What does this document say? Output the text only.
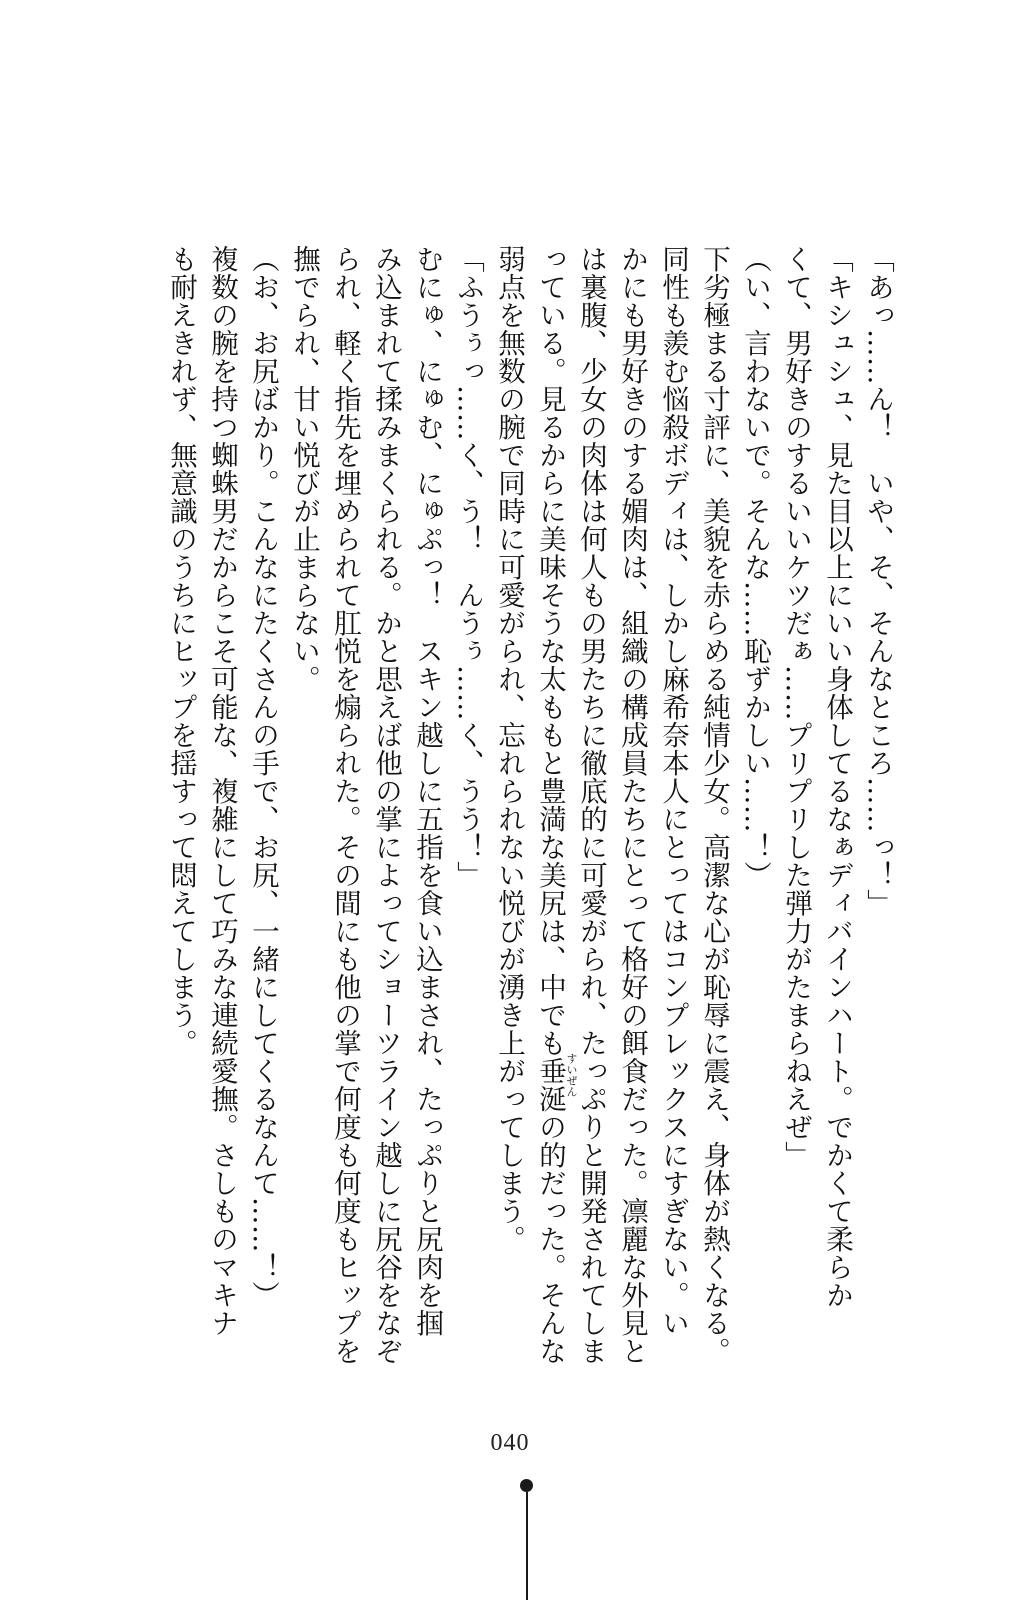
「あっ……ん！　いや、そ、そんなところ……っ！」

「キシュシュ、見た目以上にいい身体してるなぁディバインハート。でかくて柔らか

くて、男好きのするいいケツだぁ……プリプリした弾力がたまらねえぜ」

（い、言わないで。そんな……恥ずかしい……！）

下劣極まる寸評に、美貌を赤らめる純情少女。高潔な心が恥辱に震え、身体が熱くなる。

同性も羨む悩殺ボディは、しかし麻希奈本人にとってはコンプレックスにすぎない。い

かにも男好きのする媚肉は、組織の構成員たちにとって格好の餌食だった。凛麗な外見と

は裏腹、少女の肉体は何人もの男たちに徹底的に可愛がられ、たっぷりと開発されてしま

っている。見るからに美味そうな太ももと豊満な美尻は、中でも垂涎 すいぜん
の的だった。そんな

弱点を無数の腕で同時に可愛がられ、忘れられない悦びが湧き上がってしまう。

「ふうぅっ……く、う！　んうぅ……く、うう！」

むにゅ、にゅむ、にゅぷっ！　スキン越しに五指を食い込まされ、たっぷりと尻肉を掴

み込まれて揉みまくられる。かと思えば他の掌によってショーツライン越しに尻谷をなぞ

られ、軽く指先を埋められて肛悦を煽られた。その間にも他の掌で何度も何度もヒップを

撫でられ、甘い悦びが止まらない。

（お、お尻ばかり。こんなにたくさんの手で、お尻、一緒にしてくるなんて……！）

複数の腕を持つ蜘蛛男だからこそ可能な、複雑にして巧みな連続愛撫。さしものマキナ

も耐えきれず、無意識のうちにヒップを揺すって悶えてしまう。

040
